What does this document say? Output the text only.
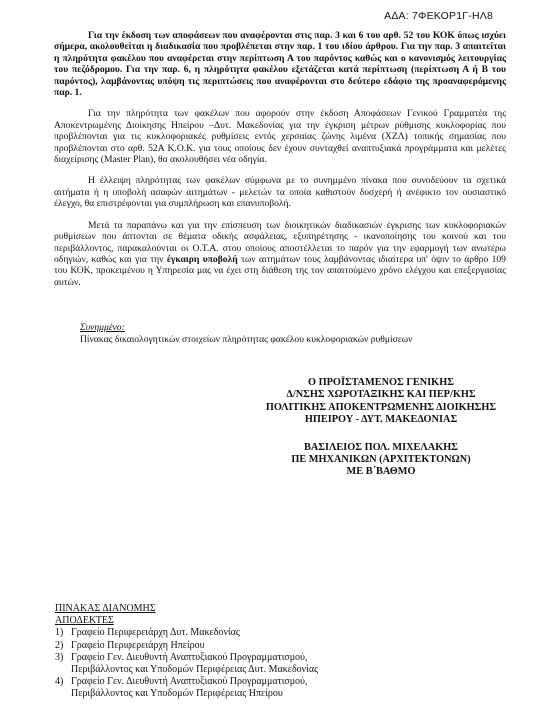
ΑΔΑ: 7ΦΕΚΟΡ1Γ-ΗΛ8

Για την έκδοση των αποφάσεων που αναφέρονται στις παρ. 3 και 6 του αρθ. 52 του ΚΟΚ όπως ισχύει σήμερα, ακολουθείται η διαδικασία που προβλέπεται στην παρ. 1 του ιδίου άρθρου. Για την παρ. 3 απαιτείται η πληρότητα φακέλου που αναφέρεται στην περίπτωση Α του παρόντος καθώς και ο κανονισμός λειτουργίας του πεζόδρομου. Για την παρ. 6, η πληρότητα φακέλου εξετάζεται κατά περίπτωση (περίπτωση Α ή Β του παρόντος), λαμβάνοντας υπόψη τις περιπτώσεις που αναφέρονται στο δεύτερο εδάφιο της προαναφερόμενης παρ. 1.

Για την πληρότητα των φακέλων που αφορούν στην έκδοση Αποφάσεων Γενικού Γραμματέα της Αποκεντρωμένης Διοίκησης Ηπείρου –Δυτ. Μακεδονίας για την έγκριση μέτρων ρύθμισης κυκλοφορίας που προβλέπονται για τις κυκλοφοριακές ρυθμίσεις εντός χερσαίας ζώνης λιμένα (ΧΖΛ) τοπικής σημασίας που προβλέπονται στο αρθ. 52Α Κ.Ο.Κ. για τους οποίους δεν έχουν συνταχθεί αναπτυξιακά προγράμματα και μελέτες διαχείρισης (Master Plan), θα ακολουθήσει νέα οδηγία.

Η έλλειψη πληρότητας των φακέλων σύμφωνα με το συνημμένο πίνακα που συνοδεύουν τα σχετικά αιτήματα ή η υποβολή ασαφών αιτημάτων - μελετών τα οποία καθιστούν δυσχερή ή ανέφικτο τον ουσιαστικό έλεγχο, θα επιστρέφονται για συμπλήρωση και επανυποβολή.

Μετά τα παραπάνω και για την επίσπευση των διοικητικών διαδικασιών έγκρισης των κυκλοφοριακών ρυθμίσεων που άπτονται σε θέματα οδικής ασφάλειας, εξυπηρέτησης - ικανοποίησης του κοινού και του περιβάλλοντος, παρακαλούνται οι Ο.Τ.Α. στου οποίους αποστέλλεται το παρόν για την εφαρμογή των ανωτέρω οδηγιών, καθώς και για την έγκαιρη υποβολή των αιτημάτων τους λαμβάνοντας ιδιαίτερα υπ' όψιν το άρθρο 109 του ΚΟΚ, προκειμένου η Υπηρεσία μας να έχει στη διάθεση της τον απαιτούμενο χρόνο ελέγχου και επεξεργασίας αυτών.

Συνημμένο:
Πίνακας δικαιολογητικών στοιχείων πληρότητας φακέλου κυκλοφοριακών ρυθμίσεων
Ο ΠΡΟΪΣΤΑΜΕΝΟΣ ΓΕΝΙΚΗΣ
Δ/ΝΣΗΣ ΧΩΡΟΤΑΞΙΚΗΣ ΚΑΙ ΠΕΡ/ΚΗΣ
ΠΟΛΙΤΙΚΗΣ ΑΠΟΚΕΝΤΡΩΜΕΝΗΣ ΔΙΟΙΚΗΣΗΣ
ΗΠΕΙΡΟΥ - ΔΥΤ. ΜΑΚΕΔΟΝΙΑΣ
ΒΑΣΙΛΕΙΟΣ ΠΟΛ. ΜΙΧΕΛΑΚΗΣ
ΠΕ ΜΗΧΑΝΙΚΩΝ (ΑΡΧΙΤΕΚΤΟΝΩΝ)
ΜΕ Β΄ΒΑΘΜΟ
ΠΙΝΑΚΑΣ ΔΙΑΝΟΜΗΣ
ΑΠΟΔΕΚΤΕΣ
1) Γραφείο Περιφερειάρχη Δυτ. Μακεδονίας
2) Γραφείο Περιφερειάρχη Ηπείρου
3) Γραφείο Γεν. Διευθυντή Αναπτυξιακού Προγραμματισμού,
Περιβάλλοντος και Υποδομών Περιφέρειας Δυτ. Μακεδονίας
4) Γραφείο Γεν. Διευθυντή Αναπτυξιακού Προγραμματισμού,
Περιβάλλοντος και Υποδομών Περιφέρειας Ηπείρου
